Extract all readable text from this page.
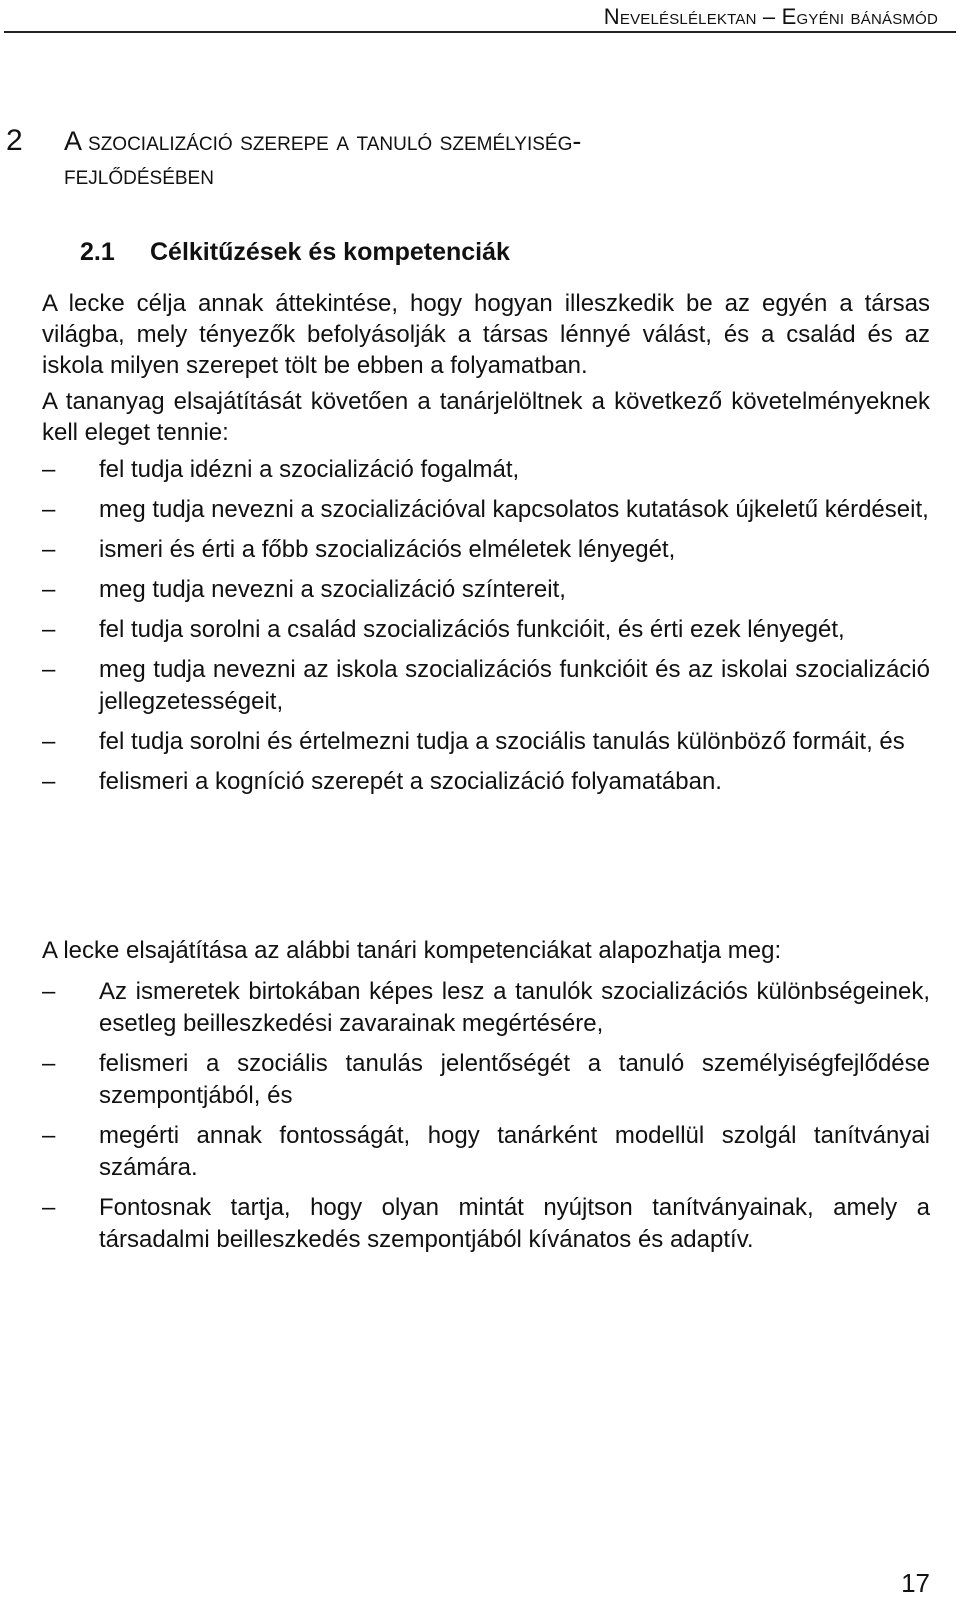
Neveléslélektan – Egyéni bánásmód
2 A szocializáció szerepe a tanuló személyiség-
fejlődésében
2.1 Célkitűzések és kompetenciák

A lecke célja annak áttekintése, hogy hogyan illeszkedik be az egyén a társas világba, mely tényezők befolyásolják a társas lénnyé válást, és a család és az iskola milyen szerepet tölt be ebben a folyamatban.

A tananyag elsajátítását követően a tanárjelöltnek a következő követelményeknek kell eleget tennie:

–	fel tudja idézni a szocializáció fogalmát,
–	meg tudja nevezni a szocializációval kapcsolatos kutatások újkeletű kérdéseit,
–	ismeri és érti a főbb szocializációs elméletek lényegét,
–	meg tudja nevezni a szocializáció színtereit,
–	fel tudja sorolni a család szocializációs funkcióit, és érti ezek lényegét,
–	meg tudja nevezni az iskola szocializációs funkcióit és az iskolai szocializáció jellegzetességeit,
–	fel tudja sorolni és értelmezni tudja a szociális tanulás különböző formáit, és
–	felismeri a kogníció szerepét a szocializáció folyamatában.

A lecke elsajátítása az alábbi tanári kompetenciákat alapozhatja meg:

–	Az ismeretek birtokában képes lesz a tanulók szocializációs különbségeinek, esetleg beilleszkedési zavarainak megértésére,
–	felismeri a szociális tanulás jelentőségét a tanuló személyiségfejlődése szempontjából, és
–	megérti annak fontosságát, hogy tanárként modellül szolgál tanítványai számára.
–	Fontosnak tartja, hogy olyan mintát nyújtson tanítványainak, amely a társadalmi beilleszkedés szempontjából kívánatos és adaptív.
17
